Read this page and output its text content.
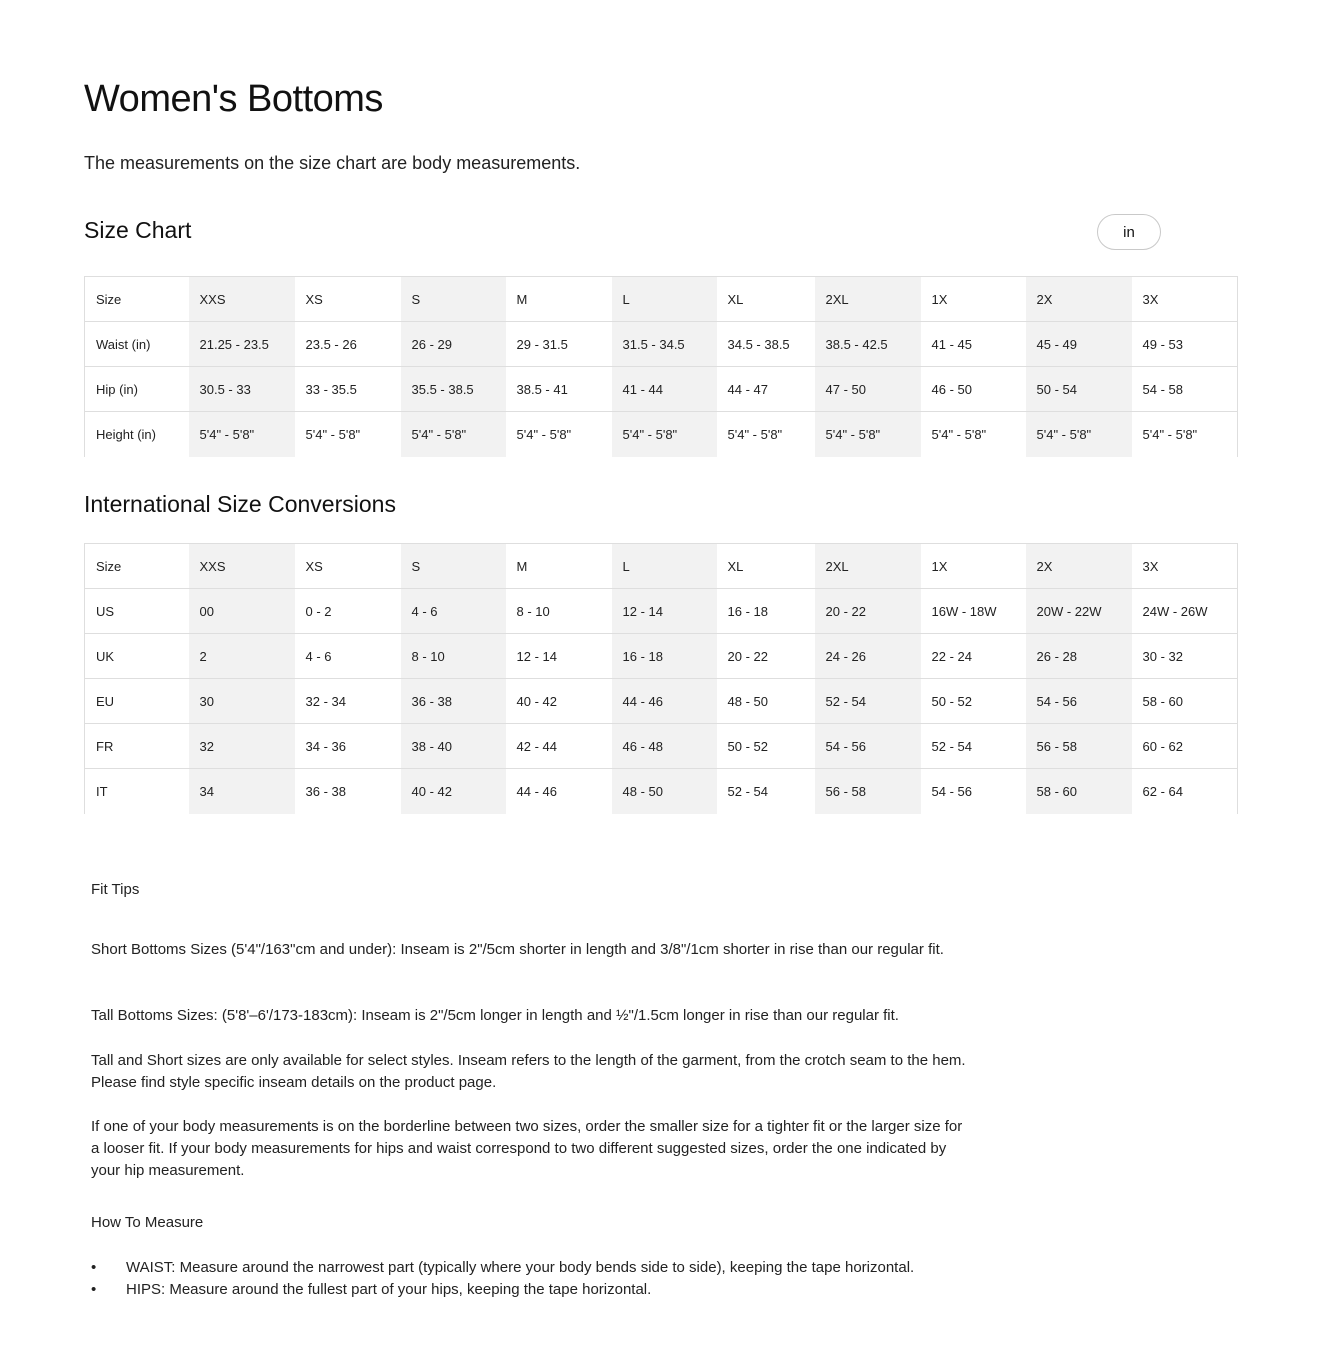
Women's Bottoms

The measurements on the size chart are body measurements.

Size Chart	in
Size	XXS	XS	S	M	L	XL	2XL	1X	2X	3X
Waist (in)	21.25 - 23.5	23.5 - 26	26 - 29	29 - 31.5	31.5 - 34.5	34.5 - 38.5	38.5 - 42.5	41 - 45	45 - 49	49 - 53
Hip (in)	30.5 - 33	33 - 35.5	35.5 - 38.5	38.5 - 41	41 - 44	44 - 47	47 - 50	46 - 50	50 - 54	54 - 58
Height (in)	5'4" - 5'8"	5'4" - 5'8"	5'4" - 5'8"	5'4" - 5'8"	5'4" - 5'8"	5'4" - 5'8"	5'4" - 5'8"	5'4" - 5'8"	5'4" - 5'8"	5'4" - 5'8"
International Size Conversions
Size	XXS	XS	S	M	L	XL	2XL	1X	2X	3X
US	00	0 - 2	4 - 6	8 - 10	12 - 14	16 - 18	20 - 22	16W - 18W	20W - 22W	24W - 26W
UK	2	4 - 6	8 - 10	12 - 14	16 - 18	20 - 22	24 - 26	22 - 24	26 - 28	30 - 32
EU	30	32 - 34	36 - 38	40 - 42	44 - 46	48 - 50	52 - 54	50 - 52	54 - 56	58 - 60
FR	32	34 - 36	38 - 40	42 - 44	46 - 48	50 - 52	54 - 56	52 - 54	56 - 58	60 - 62
IT	34	36 - 38	40 - 42	44 - 46	48 - 50	52 - 54	56 - 58	54 - 56	58 - 60	62 - 64
Fit Tips

Short Bottoms Sizes (5'4"/163"cm and under): Inseam is 2"/5cm shorter in length and 3/8"/1cm shorter in rise than our regular fit.

Tall Bottoms Sizes: (5'8'–6'/173-183cm): Inseam is 2"/5cm longer in length and ½"/1.5cm longer in rise than our regular fit.

Tall and Short sizes are only available for select styles. Inseam refers to the length of the garment, from the crotch seam to the hem. Please find style specific inseam details on the product page.

If one of your body measurements is on the borderline between two sizes, order the smaller size for a tighter fit or the larger size for a looser fit. If your body measurements for hips and waist correspond to two different suggested sizes, order the one indicated by your hip measurement.

How To Measure
• WAIST: Measure around the narrowest part (typically where your body bends side to side), keeping the tape horizontal.
• HIPS: Measure around the fullest part of your hips, keeping the tape horizontal.
